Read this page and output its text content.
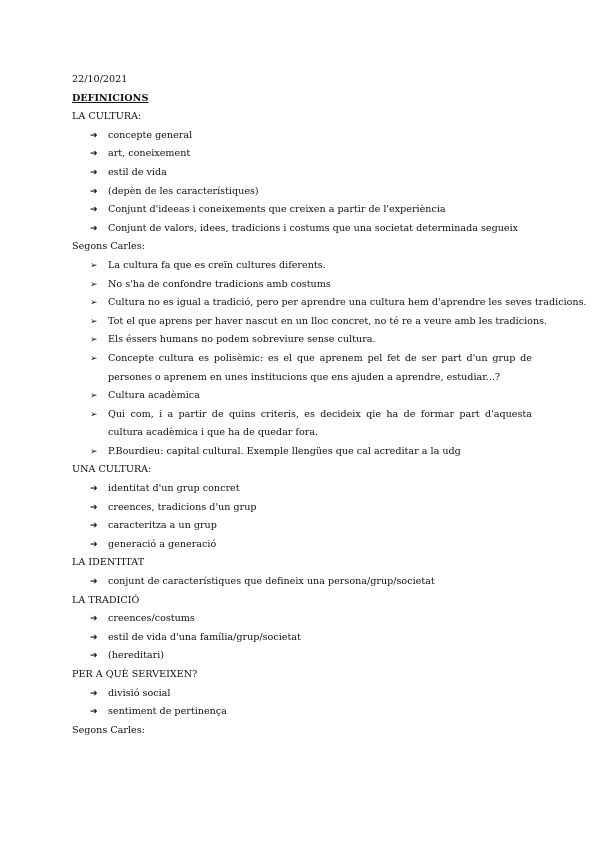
22/10/2021
DEFINICIONS
LA CULTURA:
➔ concepte general
➔ art, coneixement
➔ estil de vida
➔ (depèn de les característiques)
➔ Conjunt d'ideeas i coneixements que creixen a partir de l'experiència
➔ Conjunt de valors, idees, tradicions i costums que una societat determinada segueix
Segons Carles:
➢ La cultura fa que es creïn cultures diferents.
➢ No s'ha de confondre tradicions amb costums
➢ Cultura no es igual a tradició, pero per aprendre una cultura hem d'aprendre les seves tradicions.
➢ Tot el que aprens per haver nascut en un lloc concret, no té re a veure amb les tradicions.
➢ Els éssers humans no podem sobreviure sense cultura.
➢ Concepte cultura es polisèmic: es el que aprenem pel fet de ser part d'un grup de persones o aprenem en unes institucions que ens ajuden a aprendre, estudiar...?
➢ Cultura acadèmica
➢ Qui com, i a partir de quins criteris, es decideix qie ha de formar part d'aquesta cultura acadèmica i que ha de quedar fora.
➢ P.Bourdieu: capital cultural. Exemple llengües que cal acreditar a la udg
UNA CULTURA:
➔ identitat d'un grup concret
➔ creences, tradicions d'un grup
➔ caracteritza a un grup
➔ generació a generació
LA IDENTITAT
➔ conjunt de característiques que defineix una persona/grup/societat
LA TRADICIÓ
➔ creences/costums
➔ estil de vida d'una família/grup/societat
➔ (hereditari)
PER A QUÈ SERVEIXEN?
➔ divisió social
➔ sentiment de pertinença
Segons Carles:
